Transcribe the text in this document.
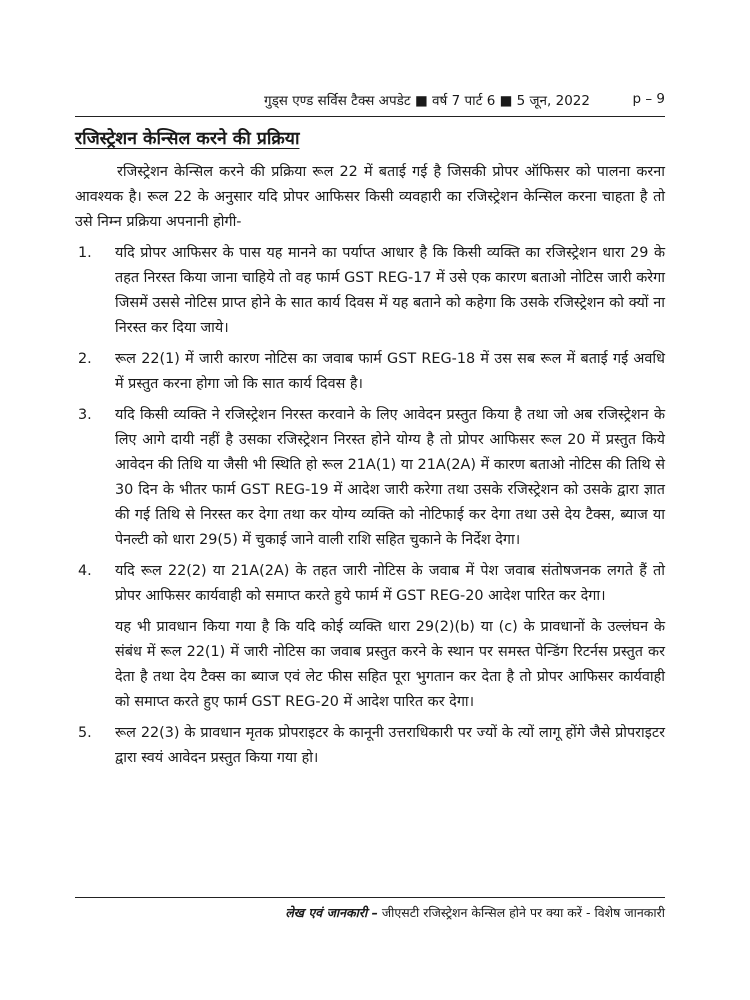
गुड्स एण्ड सर्विस टैक्स अपडेट ■ वर्ष 7 पार्ट 6 ■ 5 जून, 2022	p – 9
रजिस्ट्रेशन केन्सिल करने की प्रक्रिया

रजिस्ट्रेशन केन्सिल करने की प्रक्रिया रूल 22 में बताई गई है जिसकी प्रोपर ऑफिसर को पालना करना आवश्यक है। रूल 22 के अनुसार यदि प्रोपर आफिसर किसी व्यवहारी का रजिस्ट्रेशन केन्सिल करना चाहता है तो उसे निम्न प्रक्रिया अपनानी होगी-

1. यदि प्रोपर आफिसर के पास यह मानने का पर्याप्त आधार है कि किसी व्यक्ति का रजिस्ट्रेशन धारा 29 के तहत निरस्त किया जाना चाहिये तो वह फार्म GST REG-17 में उसे एक कारण बताओ नोटिस जारी करेगा जिसमें उससे नोटिस प्राप्त होने के सात कार्य दिवस में यह बताने को कहेगा कि उसके रजिस्ट्रेशन को क्यों ना निरस्त कर दिया जाये।
2. रूल 22(1) में जारी कारण नोटिस का जवाब फार्म GST REG-18 में उस सब रूल में बताई गई अवधि में प्रस्तुत करना होगा जो कि सात कार्य दिवस है।
3. यदि किसी व्यक्ति ने रजिस्ट्रेशन निरस्त करवाने के लिए आवेदन प्रस्तुत किया है तथा जो अब रजिस्ट्रेशन के लिए आगे दायी नहीं है उसका रजिस्ट्रेशन निरस्त होने योग्य है तो प्रोपर आफिसर रूल 20 में प्रस्तुत किये आवेदन की तिथि या जैसी भी स्थिति हो रूल 21A(1) या 21A(2A) में कारण बताओ नोटिस की तिथि से 30 दिन के भीतर फार्म GST REG-19 में आदेश जारी करेगा तथा उसके रजिस्ट्रेशन को उसके द्वारा ज्ञात की गई तिथि से निरस्त कर देगा तथा कर योग्य व्यक्ति को नोटिफाई कर देगा तथा उसे देय टैक्स, ब्याज या पेनल्टी को धारा 29(5) में चुकाई जाने वाली राशि सहित चुकाने के निर्देश देगा।
4. यदि रूल 22(2) या 21A(2A) के तहत जारी नोटिस के जवाब में पेश जवाब संतोषजनक लगते हैं तो प्रोपर आफिसर कार्यवाही को समाप्त करते हुये फार्म में GST REG-20 आदेश पारित कर देगा।

यह भी प्रावधान किया गया है कि यदि कोई व्यक्ति धारा 29(2)(b) या (c) के प्रावधानों के उल्लंघन के संबंध में रूल 22(1) में जारी नोटिस का जवाब प्रस्तुत करने के स्थान पर समस्त पेन्डिंग रिटर्नस प्रस्तुत कर देता है तथा देय टैक्स का ब्याज एवं लेट फीस सहित पूरा भुगतान कर देता है तो प्रोपर आफिसर कार्यवाही को समाप्त करते हुए फार्म GST REG-20 में आदेश पारित कर देगा।

5. रूल 22(3) के प्रावधान मृतक प्रोपराइटर के कानूनी उत्तराधिकारी पर ज्यों के त्यों लागू होंगे जैसे प्रोपराइटर द्वारा स्वयं आवेदन प्रस्तुत किया गया हो।
लेख एवं जानकारी – जीएसटी रजिस्ट्रेशन केन्सिल होने पर क्या करें - विशेष जानकारी
